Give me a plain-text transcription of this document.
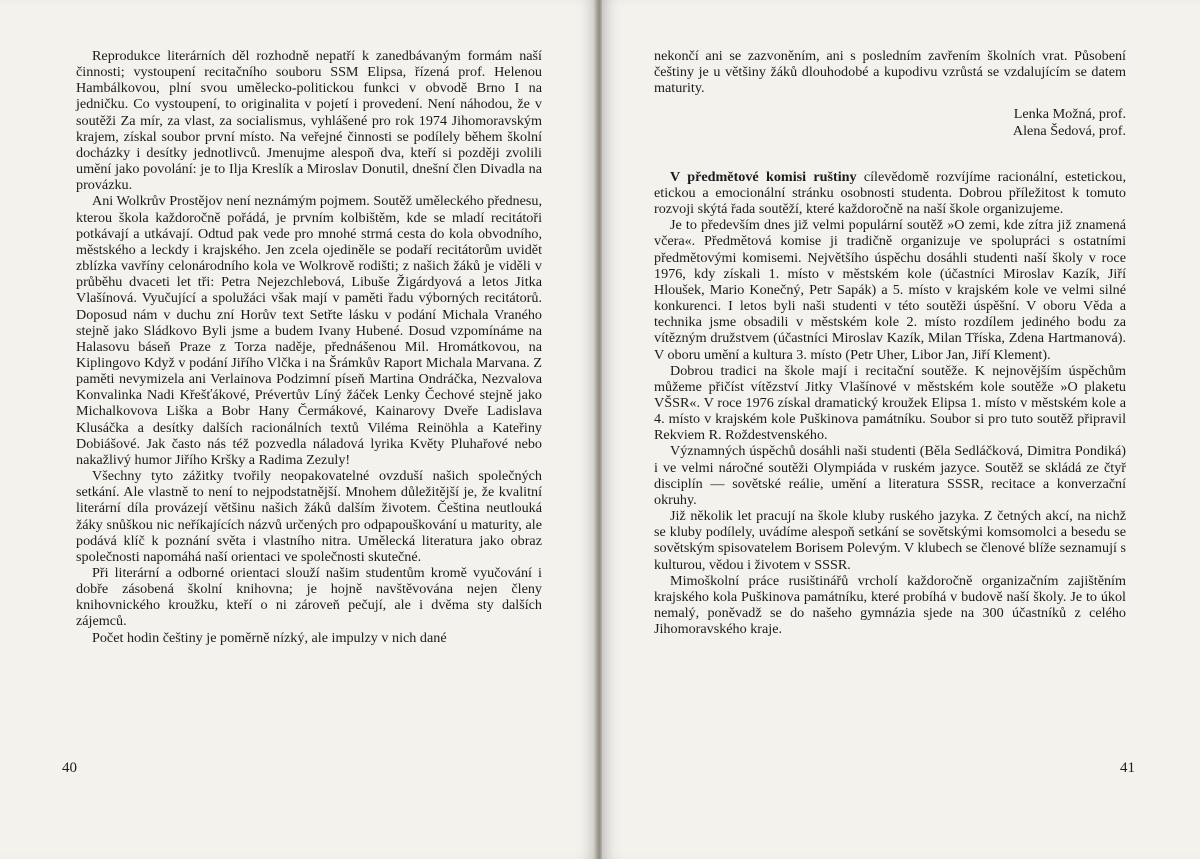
Reprodukce literárních děl rozhodně nepatří k zanedbávaným formám naší činnosti; vystoupení recitačního souboru SSM Elipsa, řízená prof. Helenou Hambálkovou, plní svou umělecko-politickou funkci v obvodě Brno I na jedničku. Co vystoupení, to originalita v pojetí i provedení. Není náhodou, že v soutěži Za mír, za vlast, za socialismus, vyhlášené pro rok 1974 Jihomoravským krajem, získal soubor první místo. Na veřejné činnosti se podílely během školní docházky i desítky jednotlivců. Jmenujme alespoň dva, kteří si později zvolili umění jako povolání: je to Ilja Kreslík a Miroslav Donutil, dnešní člen Divadla na provázku.

Ani Wolkrův Prostějov není neznámým pojmem. Soutěž uměleckého přednesu, kterou škola každoročně pořádá, je prvním kolbištěm, kde se mladí recitátoři potkávají a utkávají. Odtud pak vede pro mnohé strmá cesta do kola obvodního, městského a leckdy i krajského. Jen zcela ojediněle se podaří recitátorům uvidět zblízka vavříny celonárodního kola ve Wolkrově rodišti; z našich žáků je viděli v průběhu dvaceti let tři: Petra Nejezchlebová, Libuše Žigárdyová a letos Jitka Vlašínová. Vyučující a spolužáci však mají v paměti řadu výborných recitátorů. Doposud nám v duchu zní Horův text Setřte lásku v podání Michala Vraného stejně jako Sládkovo Byli jsme a budem Ivany Hubené. Dosud vzpomínáme na Halasovu báseň Praze z Torza naděje, přednášenou Mil. Hromátkovou, na Kiplingovo Když v podání Jiřího Vlčka i na Šrámkův Raport Michala Marvana. Z paměti nevymizela ani Verlainova Podzimní píseň Martina Ondráčka, Nezvalova Konvalinka Nadi Křešťákové, Prévertův Líný žáček Lenky Čechové stejně jako Michalkovova Liška a Bobr Hany Čermákové, Kainarovy Dveře Ladislava Klusáčka a desítky dalších racionálních textů Viléma Reinöhla a Kateřiny Dobiášové. Jak často nás též pozvedla náladová lyrika Květy Pluhařové nebo nakažlivý humor Jiřího Kršky a Radima Zezuly!

Všechny tyto zážitky tvořily neopakovatelné ovzduší našich společných setkání. Ale vlastně to není to nejpodstatnější. Mnohem důležitější je, že kvalitní literární díla provázejí většinu našich žáků dalším životem. Čeština neutlouká žáky snůškou nic neříkajících názvů určených pro odpapouškování u maturity, ale podává klíč k poznání světa i vlastního nitra. Umělecká literatura jako obraz společnosti napomáhá naší orientaci ve společnosti skutečné.

Při literární a odborné orientaci slouží našim studentům kromě vyučování i dobře zásobená školní knihovna; je hojně navštěvována nejen členy knihovnického kroužku, kteří o ni zároveň pečují, ale i dvěma sty dalších zájemců.

Počet hodin češtiny je poměrně nízký, ale impulzy v nich dané

40

nekončí ani se zazvoněním, ani s posledním zavřením školních vrat. Působení češtiny je u většiny žáků dlouhodobé a kupodivu vzrůstá se vzdalujícím se datem maturity.

Lenka Možná, prof.
Alena Šedová, prof.

V předmětové komisi ruštiny cílevědomě rozvíjíme racionální, estetickou, etickou a emocionální stránku osobnosti studenta. Dobrou příležitost k tomuto rozvoji skýtá řada soutěží, které každoročně na naší škole organizujeme.

Je to především dnes již velmi populární soutěž »O zemi, kde zítra již znamená včera«. Předmětová komise ji tradičně organizuje ve spolupráci s ostatními předmětovými komisemi. Největšího úspěchu dosáhli studenti naší školy v roce 1976, kdy získali 1. místo v městském kole (účastníci Miroslav Kazík, Jiří Hloušek, Mario Konečný, Petr Sapák) a 5. místo v krajském kole ve velmi silné konkurenci. I letos byli naši studenti v této soutěži úspěšní. V oboru Věda a technika jsme obsadili v městském kole 2. místo rozdílem jediného bodu za vítězným družstvem (účastníci Miroslav Kazík, Milan Tříska, Zdena Hartmanová). V oboru umění a kultura 3. místo (Petr Uher, Libor Jan, Jiří Klement).

Dobrou tradici na škole mají i recitační soutěže. K nejnovějším úspěchům můžeme přičíst vítězství Jitky Vlašínové v městském kole soutěže »O plaketu VŠSR«. V roce 1976 získal dramatický kroužek Elipsa 1. místo v městském kole a 4. místo v krajském kole Puškinova památníku. Soubor si pro tuto soutěž připravil Rekviem R. Roždestvenského.

Významných úspěchů dosáhli naši studenti (Běla Sedláčková, Dimitra Pondiká) i ve velmi náročné soutěži Olympiáda v ruském jazyce. Soutěž se skládá ze čtyř disciplín — sovětské reálie, umění a literatura SSSR, recitace a konverzační okruhy.

Již několik let pracují na škole kluby ruského jazyka. Z četných akcí, na nichž se kluby podílely, uvádíme alespoň setkání se sovětskými komsomolci a besedu se sovětským spisovatelem Borisem Polevým. V klubech se členové blíže seznamují s kulturou, vědou i životem v SSSR.

Mimoškolní práce rusištinářů vrcholí každoročně organizačním zajištěním krajského kola Puškinova památníku, které probíhá v budově naší školy. Je to úkol nemalý, poněvadž se do našeho gymnázia sjede na 300 účastníků z celého Jihomoravského kraje.

41
